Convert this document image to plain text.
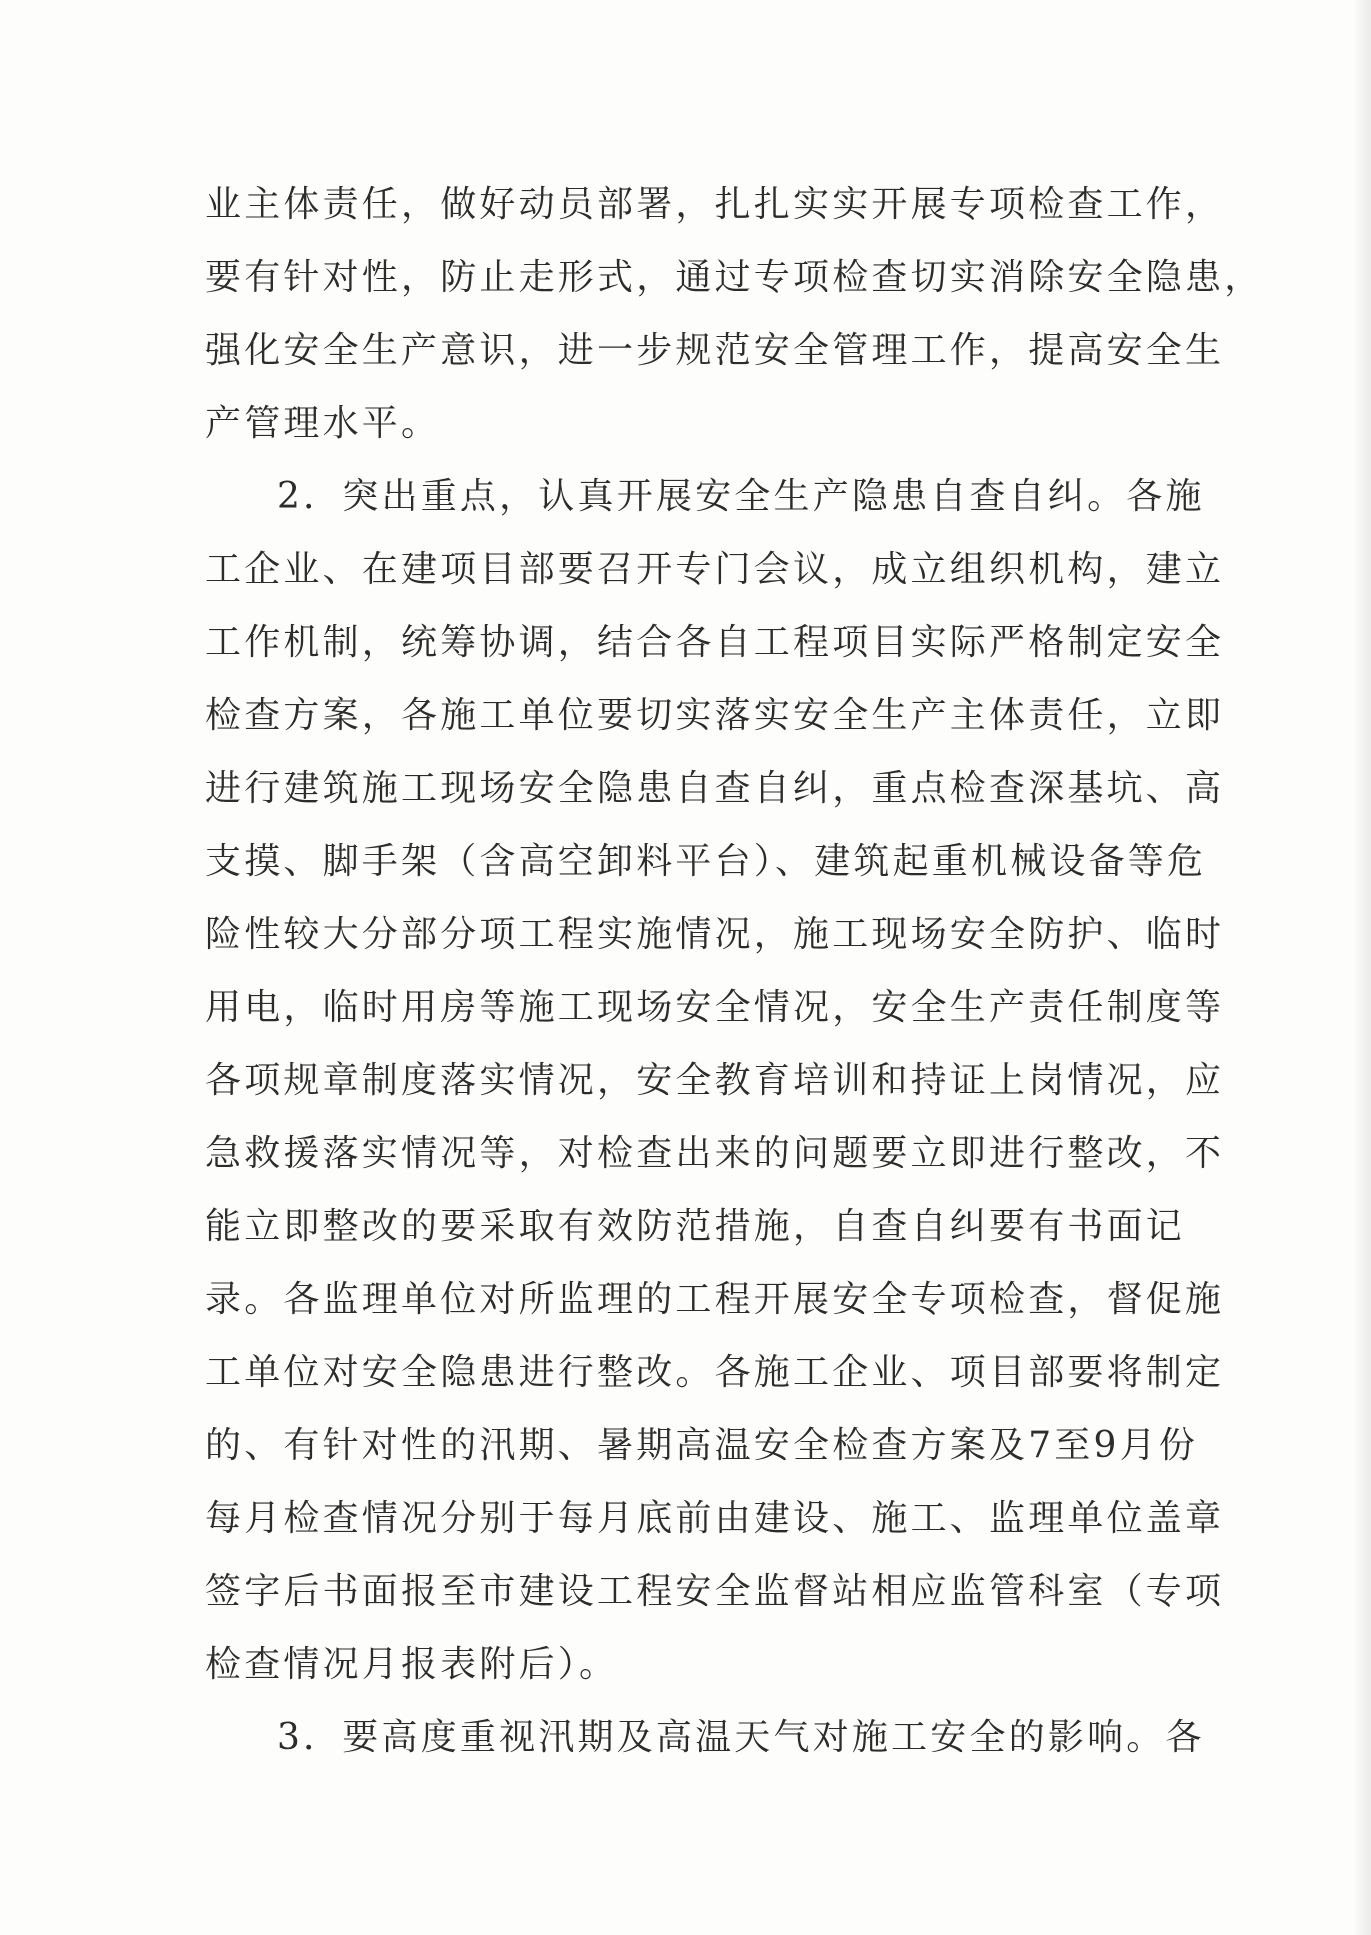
业主体责任，做好动员部署，扎扎实实开展专项检查工作，
要有针对性，防止走形式，通过专项检查切实消除安全隐患，
强化安全生产意识，进一步规范安全管理工作，提高安全生
产管理水平。
2．突出重点，认真开展安全生产隐患自查自纠。各施
工企业、在建项目部要召开专门会议，成立组织机构，建立
工作机制，统筹协调，结合各自工程项目实际严格制定安全
检查方案，各施工单位要切实落实安全生产主体责任，立即
进行建筑施工现场安全隐患自查自纠，重点检查深基坑、高
支摸、脚手架（含高空卸料平台）、建筑起重机械设备等危
险性较大分部分项工程实施情况，施工现场安全防护、临时
用电，临时用房等施工现场安全情况，安全生产责任制度等
各项规章制度落实情况，安全教育培训和持证上岗情况，应
急救援落实情况等，对检查出来的问题要立即进行整改，不
能立即整改的要采取有效防范措施，自查自纠要有书面记
录。各监理单位对所监理的工程开展安全专项检查，督促施
工单位对安全隐患进行整改。各施工企业、项目部要将制定
的、有针对性的汛期、暑期高温安全检查方案及7至9月份
每月检查情况分别于每月底前由建设、施工、监理单位盖章
签字后书面报至市建设工程安全监督站相应监管科室（专项
检查情况月报表附后）。
3．要高度重视汛期及高温天气对施工安全的影响。各
